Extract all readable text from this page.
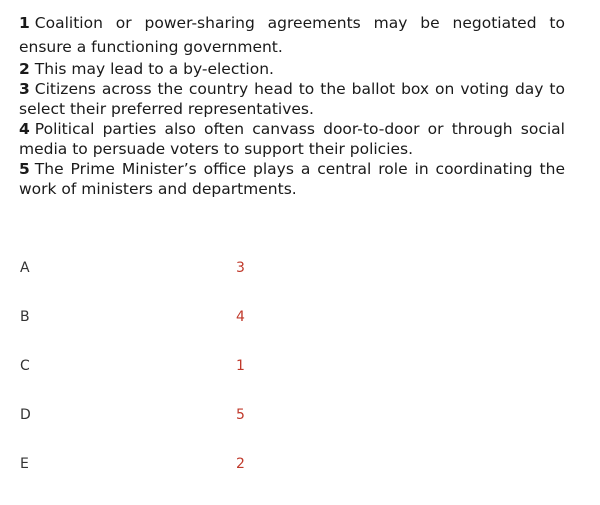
1 Coalition or power-sharing agreements may be negotiated to ensure a functioning government.

2 This may lead to a by-election.

3 Citizens across the country head to the ballot box on voting day to select their preferred representatives.

4 Political parties also often canvass door-to-door or through social media to persuade voters to support their policies.

5 The Prime Minister’s office plays a central role in coordinating the work of ministers and departments.

A	3
B	4
C	1
D	5
E	2
